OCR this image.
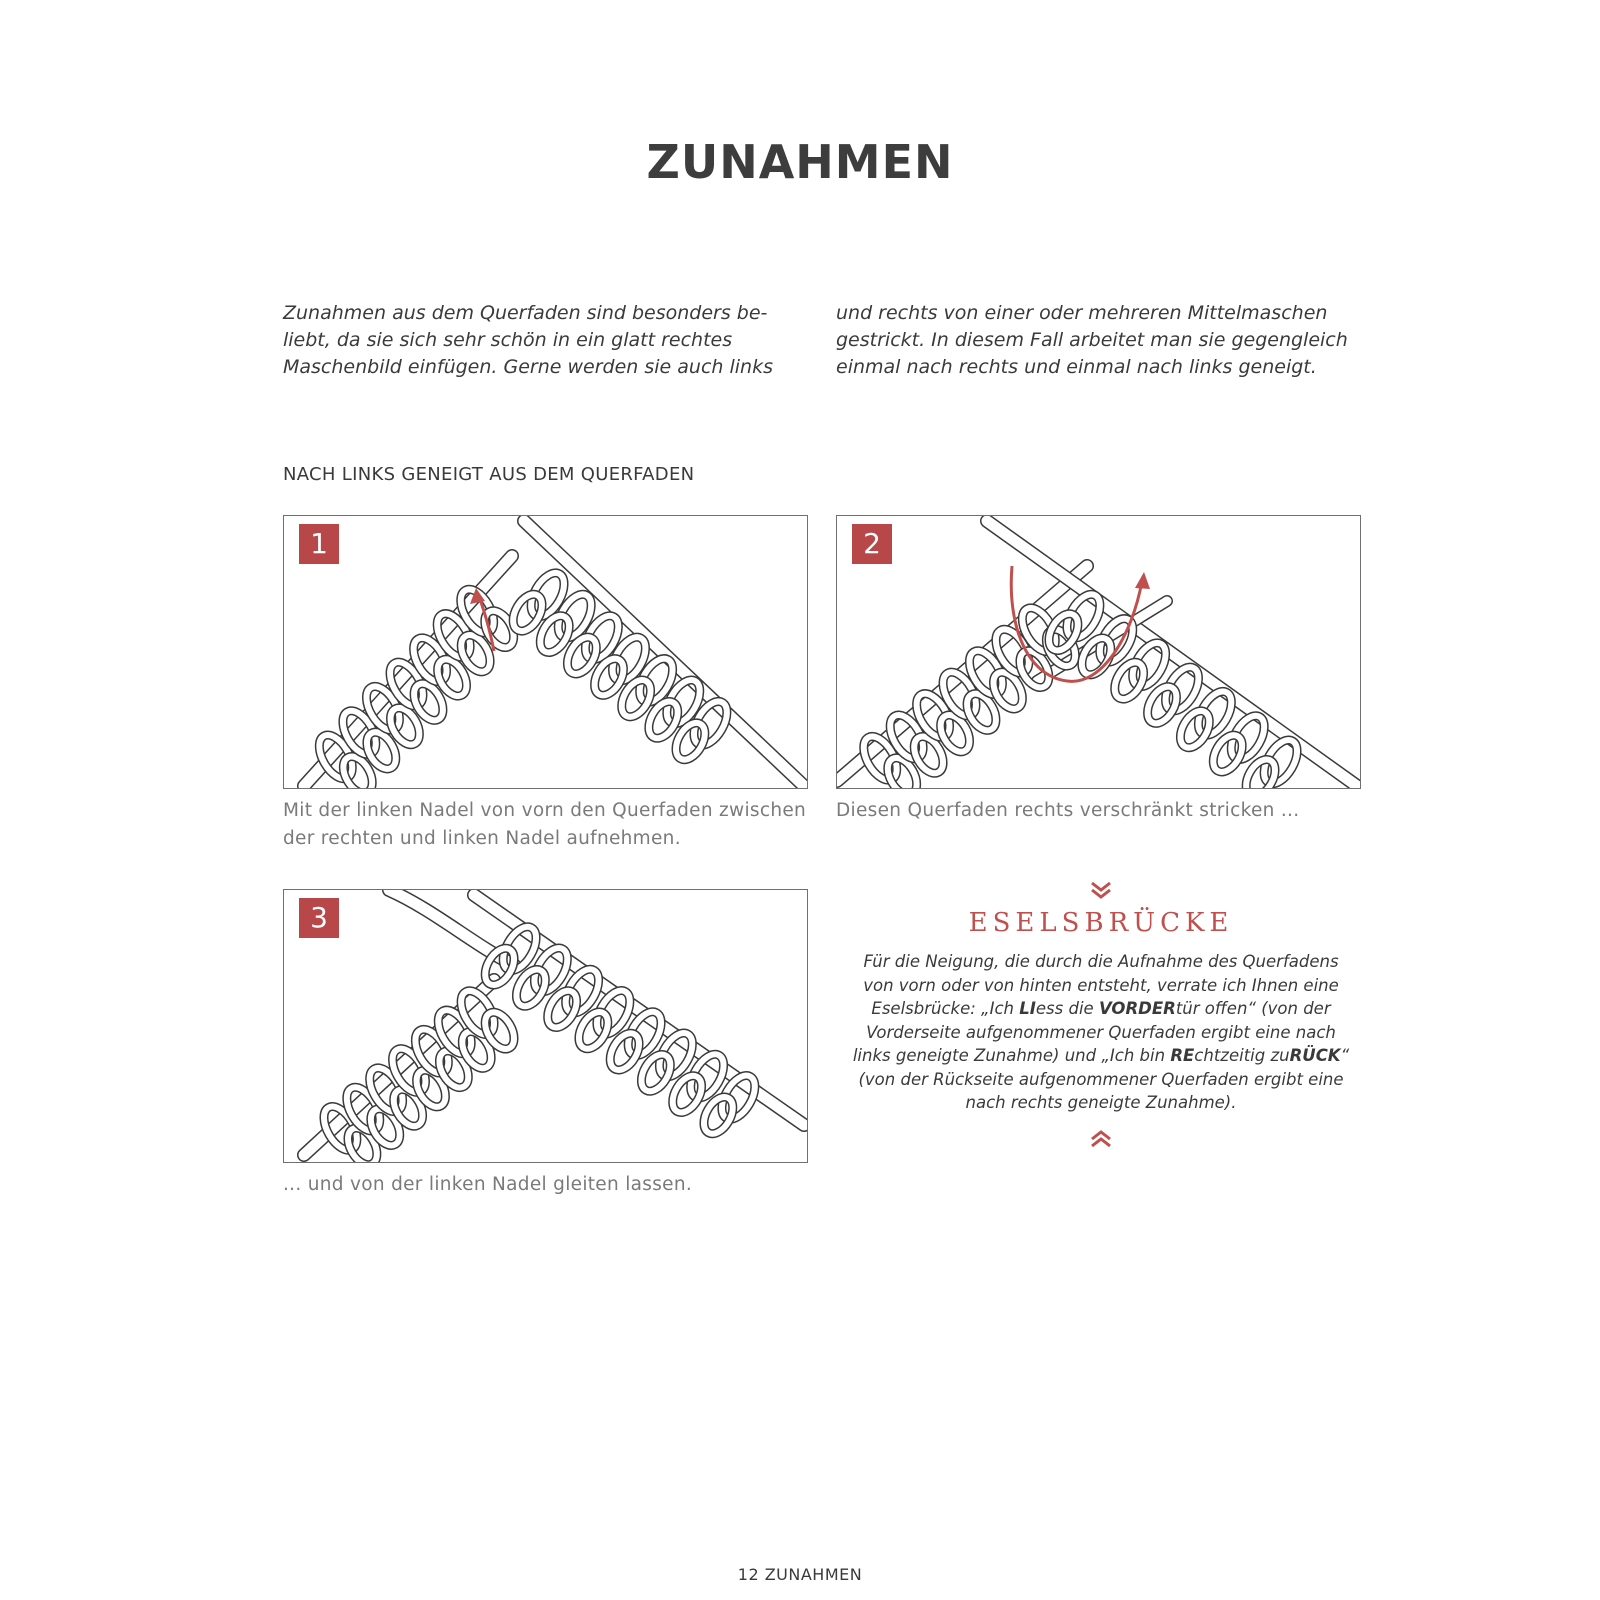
ZUNAHMEN
Zunahmen aus dem Querfaden sind besonders beliebt, da sie sich sehr schön in ein glatt rechtes Maschenbild einfügen. Gerne werden sie auch links
und rechts von einer oder mehreren Mittelmaschen gestrickt. In diesem Fall arbeitet man sie gegengleich einmal nach rechts und einmal nach links geneigt.
NACH LINKS GENEIGT AUS DEM QUERFADEN
1	2
Mit der linken Nadel von vorn den Querfaden zwischen der rechten und linken Nadel aufnehmen.
Diesen Querfaden rechts verschränkt stricken ...
3
... und von der linken Nadel gleiten lassen.
ESELSBRÜCKE
Für die Neigung, die durch die Aufnahme des Querfadens von vorn oder von hinten entsteht, verrate ich Ihnen eine Eselsbrücke: „Ich LIess die VORDERtür offen“ (von der Vorderseite aufgenommener Querfaden ergibt eine nach links geneigte Zunahme) und „Ich bin REchtzeitig zuRÜCK“ (von der Rückseite aufgenommener Querfaden ergibt eine nach rechts geneigte Zunahme).
12 ZUNAHMEN
